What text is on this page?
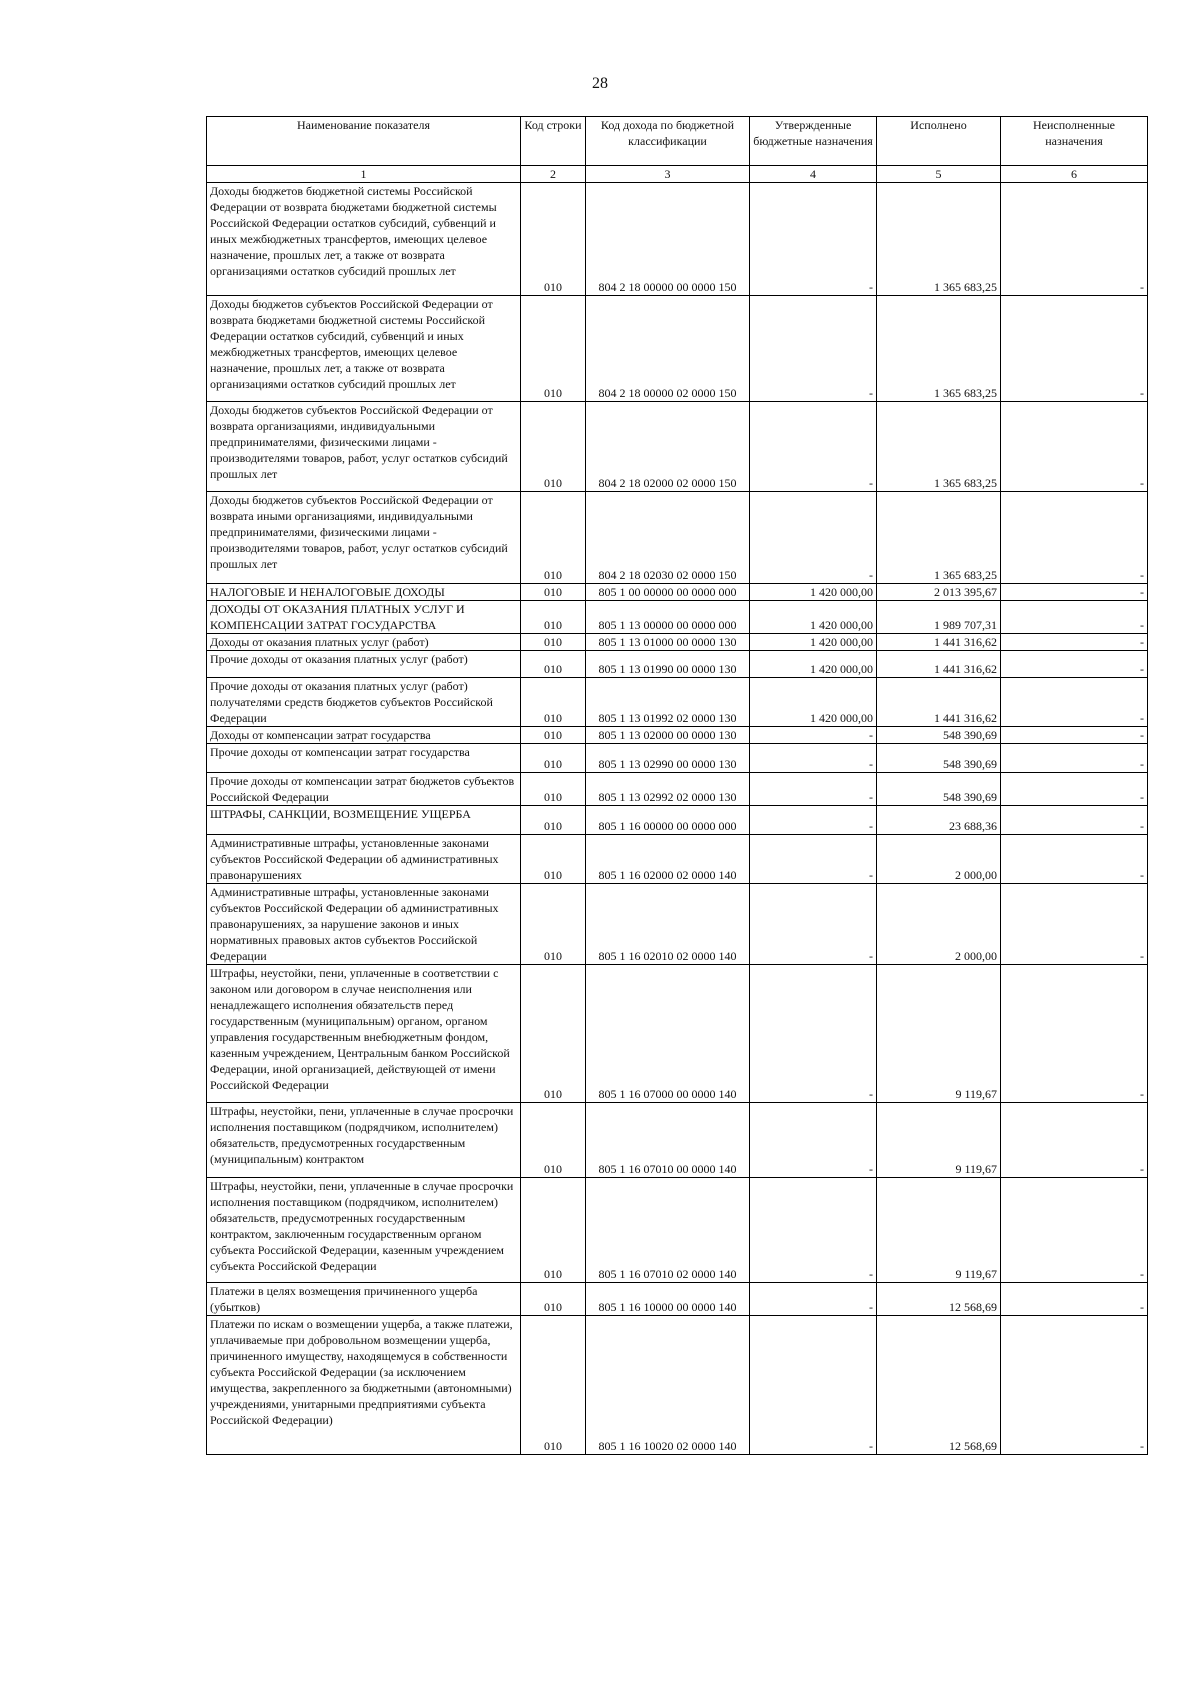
28
Наименование показателя	Код строки	Код дохода по бюджетной классификации	Утвержденные бюджетные назначения	Исполнено	Неисполненные назначения
1	2	3	4	5	6
Доходы бюджетов бюджетной системы Российской Федерации от возврата бюджетами бюджетной системы Российской Федерации остатков субсидий, субвенций и иных межбюджетных трансфертов, имеющих целевое назначение, прошлых лет, а также от возврата организациями остатков субсидий прошлых лет	010	804 2 18 00000 00 0000 150	-	1 365 683,25	-
Доходы бюджетов субъектов Российской Федерации от возврата бюджетами бюджетной системы Российской Федерации остатков субсидий, субвенций и иных межбюджетных трансфертов, имеющих целевое назначение, прошлых лет, а также от возврата организациями остатков субсидий прошлых лет	010	804 2 18 00000 02 0000 150	-	1 365 683,25	-
Доходы бюджетов субъектов Российской Федерации от возврата организациями, индивидуальными предпринимателями, физическими лицами - производителями товаров, работ, услуг остатков субсидий прошлых лет	010	804 2 18 02000 02 0000 150	-	1 365 683,25	-
Доходы бюджетов субъектов Российской Федерации от возврата иными организациями, индивидуальными предпринимателями, физическими лицами - производителями товаров, работ, услуг остатков субсидий прошлых лет	010	804 2 18 02030 02 0000 150	-	1 365 683,25	-
НАЛОГОВЫЕ И НЕНАЛОГОВЫЕ ДОХОДЫ	010	805 1 00 00000 00 0000 000	1 420 000,00	2 013 395,67	-
ДОХОДЫ ОТ ОКАЗАНИЯ ПЛАТНЫХ УСЛУГ И КОМПЕНСАЦИИ ЗАТРАТ ГОСУДАРСТВА	010	805 1 13 00000 00 0000 000	1 420 000,00	1 989 707,31	-
Доходы от оказания платных услуг (работ)	010	805 1 13 01000 00 0000 130	1 420 000,00	1 441 316,62	-
Прочие доходы от оказания платных услуг (работ)	010	805 1 13 01990 00 0000 130	1 420 000,00	1 441 316,62	-
Прочие доходы от оказания платных услуг (работ) получателями средств бюджетов субъектов Российской Федерации	010	805 1 13 01992 02 0000 130	1 420 000,00	1 441 316,62	-
Доходы от компенсации затрат государства	010	805 1 13 02000 00 0000 130	-	548 390,69	-
Прочие доходы от компенсации затрат государства	010	805 1 13 02990 00 0000 130	-	548 390,69	-
Прочие доходы от компенсации затрат бюджетов субъектов Российской Федерации	010	805 1 13 02992 02 0000 130	-	548 390,69	-
ШТРАФЫ, САНКЦИИ, ВОЗМЕЩЕНИЕ УЩЕРБА	010	805 1 16 00000 00 0000 000	-	23 688,36	-
Административные штрафы, установленные законами субъектов Российской Федерации об административных правонарушениях	010	805 1 16 02000 02 0000 140	-	2 000,00	-
Административные штрафы, установленные законами субъектов Российской Федерации об административных правонарушениях, за нарушение законов и иных нормативных правовых актов субъектов Российской Федерации	010	805 1 16 02010 02 0000 140	-	2 000,00	-
Штрафы, неустойки, пени, уплаченные в соответствии с законом или договором в случае неисполнения или ненадлежащего исполнения обязательств перед государственным (муниципальным) органом, органом управления государственным внебюджетным фондом, казенным учреждением, Центральным банком Российской Федерации, иной организацией, действующей от имени Российской Федерации	010	805 1 16 07000 00 0000 140	-	9 119,67	-
Штрафы, неустойки, пени, уплаченные в случае просрочки исполнения поставщиком (подрядчиком, исполнителем) обязательств, предусмотренных государственным (муниципальным) контрактом	010	805 1 16 07010 00 0000 140	-	9 119,67	-
Штрафы, неустойки, пени, уплаченные в случае просрочки исполнения поставщиком (подрядчиком, исполнителем) обязательств, предусмотренных государственным контрактом, заключенным государственным органом субъекта Российской Федерации, казенным учреждением субъекта Российской Федерации	010	805 1 16 07010 02 0000 140	-	9 119,67	-
Платежи в целях возмещения причиненного ущерба (убытков)	010	805 1 16 10000 00 0000 140	-	12 568,69	-
Платежи по искам о возмещении ущерба, а также платежи, уплачиваемые при добровольном возмещении ущерба, причиненного имуществу, находящемуся в собственности субъекта Российской Федерации (за исключением имущества, закрепленного за бюджетными (автономными) учреждениями, унитарными предприятиями субъекта Российской Федерации)	010	805 1 16 10020 02 0000 140	-	12 568,69	-
